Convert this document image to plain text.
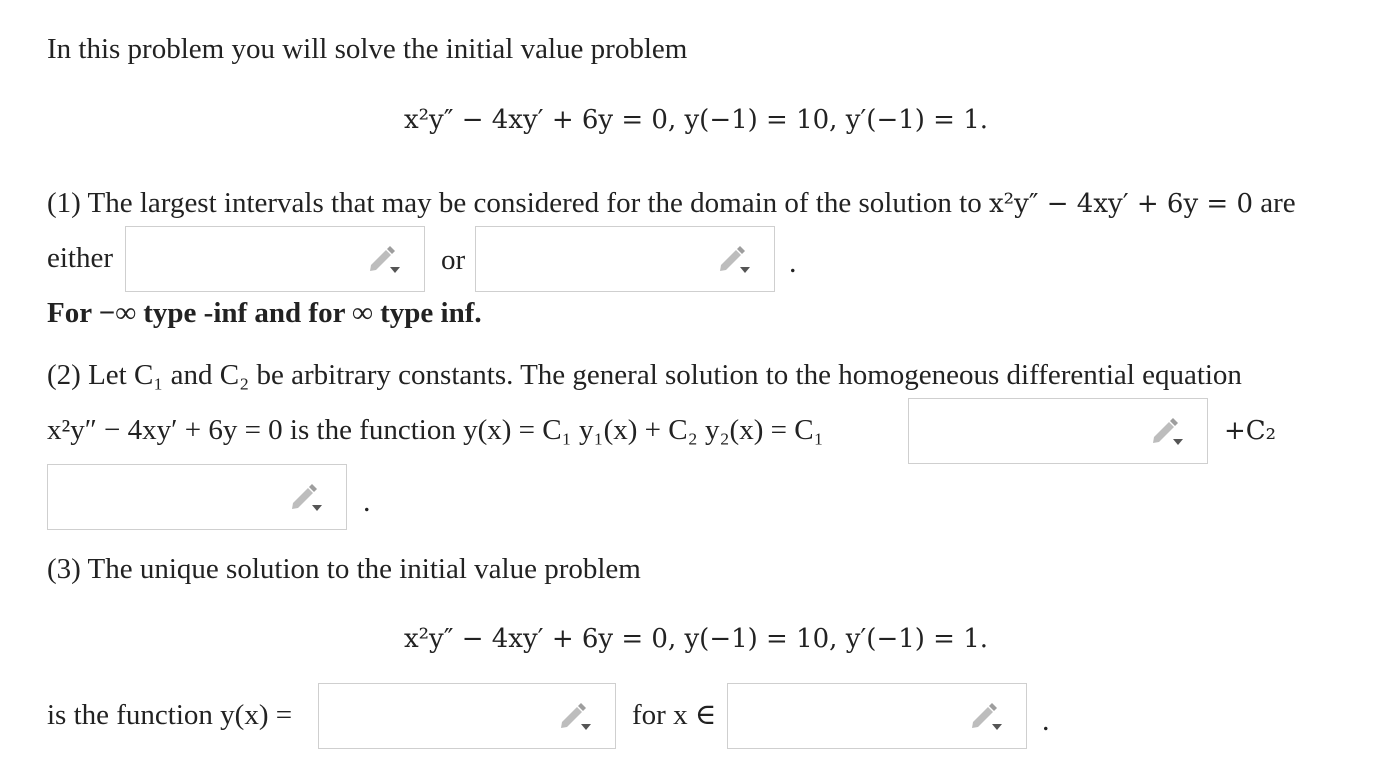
In this problem you will solve the initial value problem
x²y″ − 4xy′ + 6y = 0, y(−1) = 10, y′(−1) = 1.
(1) The largest intervals that may be considered for the domain of the solution to x²y″ − 4xy′ + 6y = 0 are
either	or	.
For −∞ type -inf and for ∞ type inf.
(2) Let C₁ and C₂ be arbitrary constants. The general solution to the homogeneous differential equation
x²y″ − 4xy′ + 6y = 0 is the function y(x) = C₁ y₁(x) + C₂ y₂(x) = C₁	+C₂
.
(3) The unique solution to the initial value problem
x²y″ − 4xy′ + 6y = 0, y(−1) = 10, y′(−1) = 1.
is the function y(x) =	for x ∈	.
